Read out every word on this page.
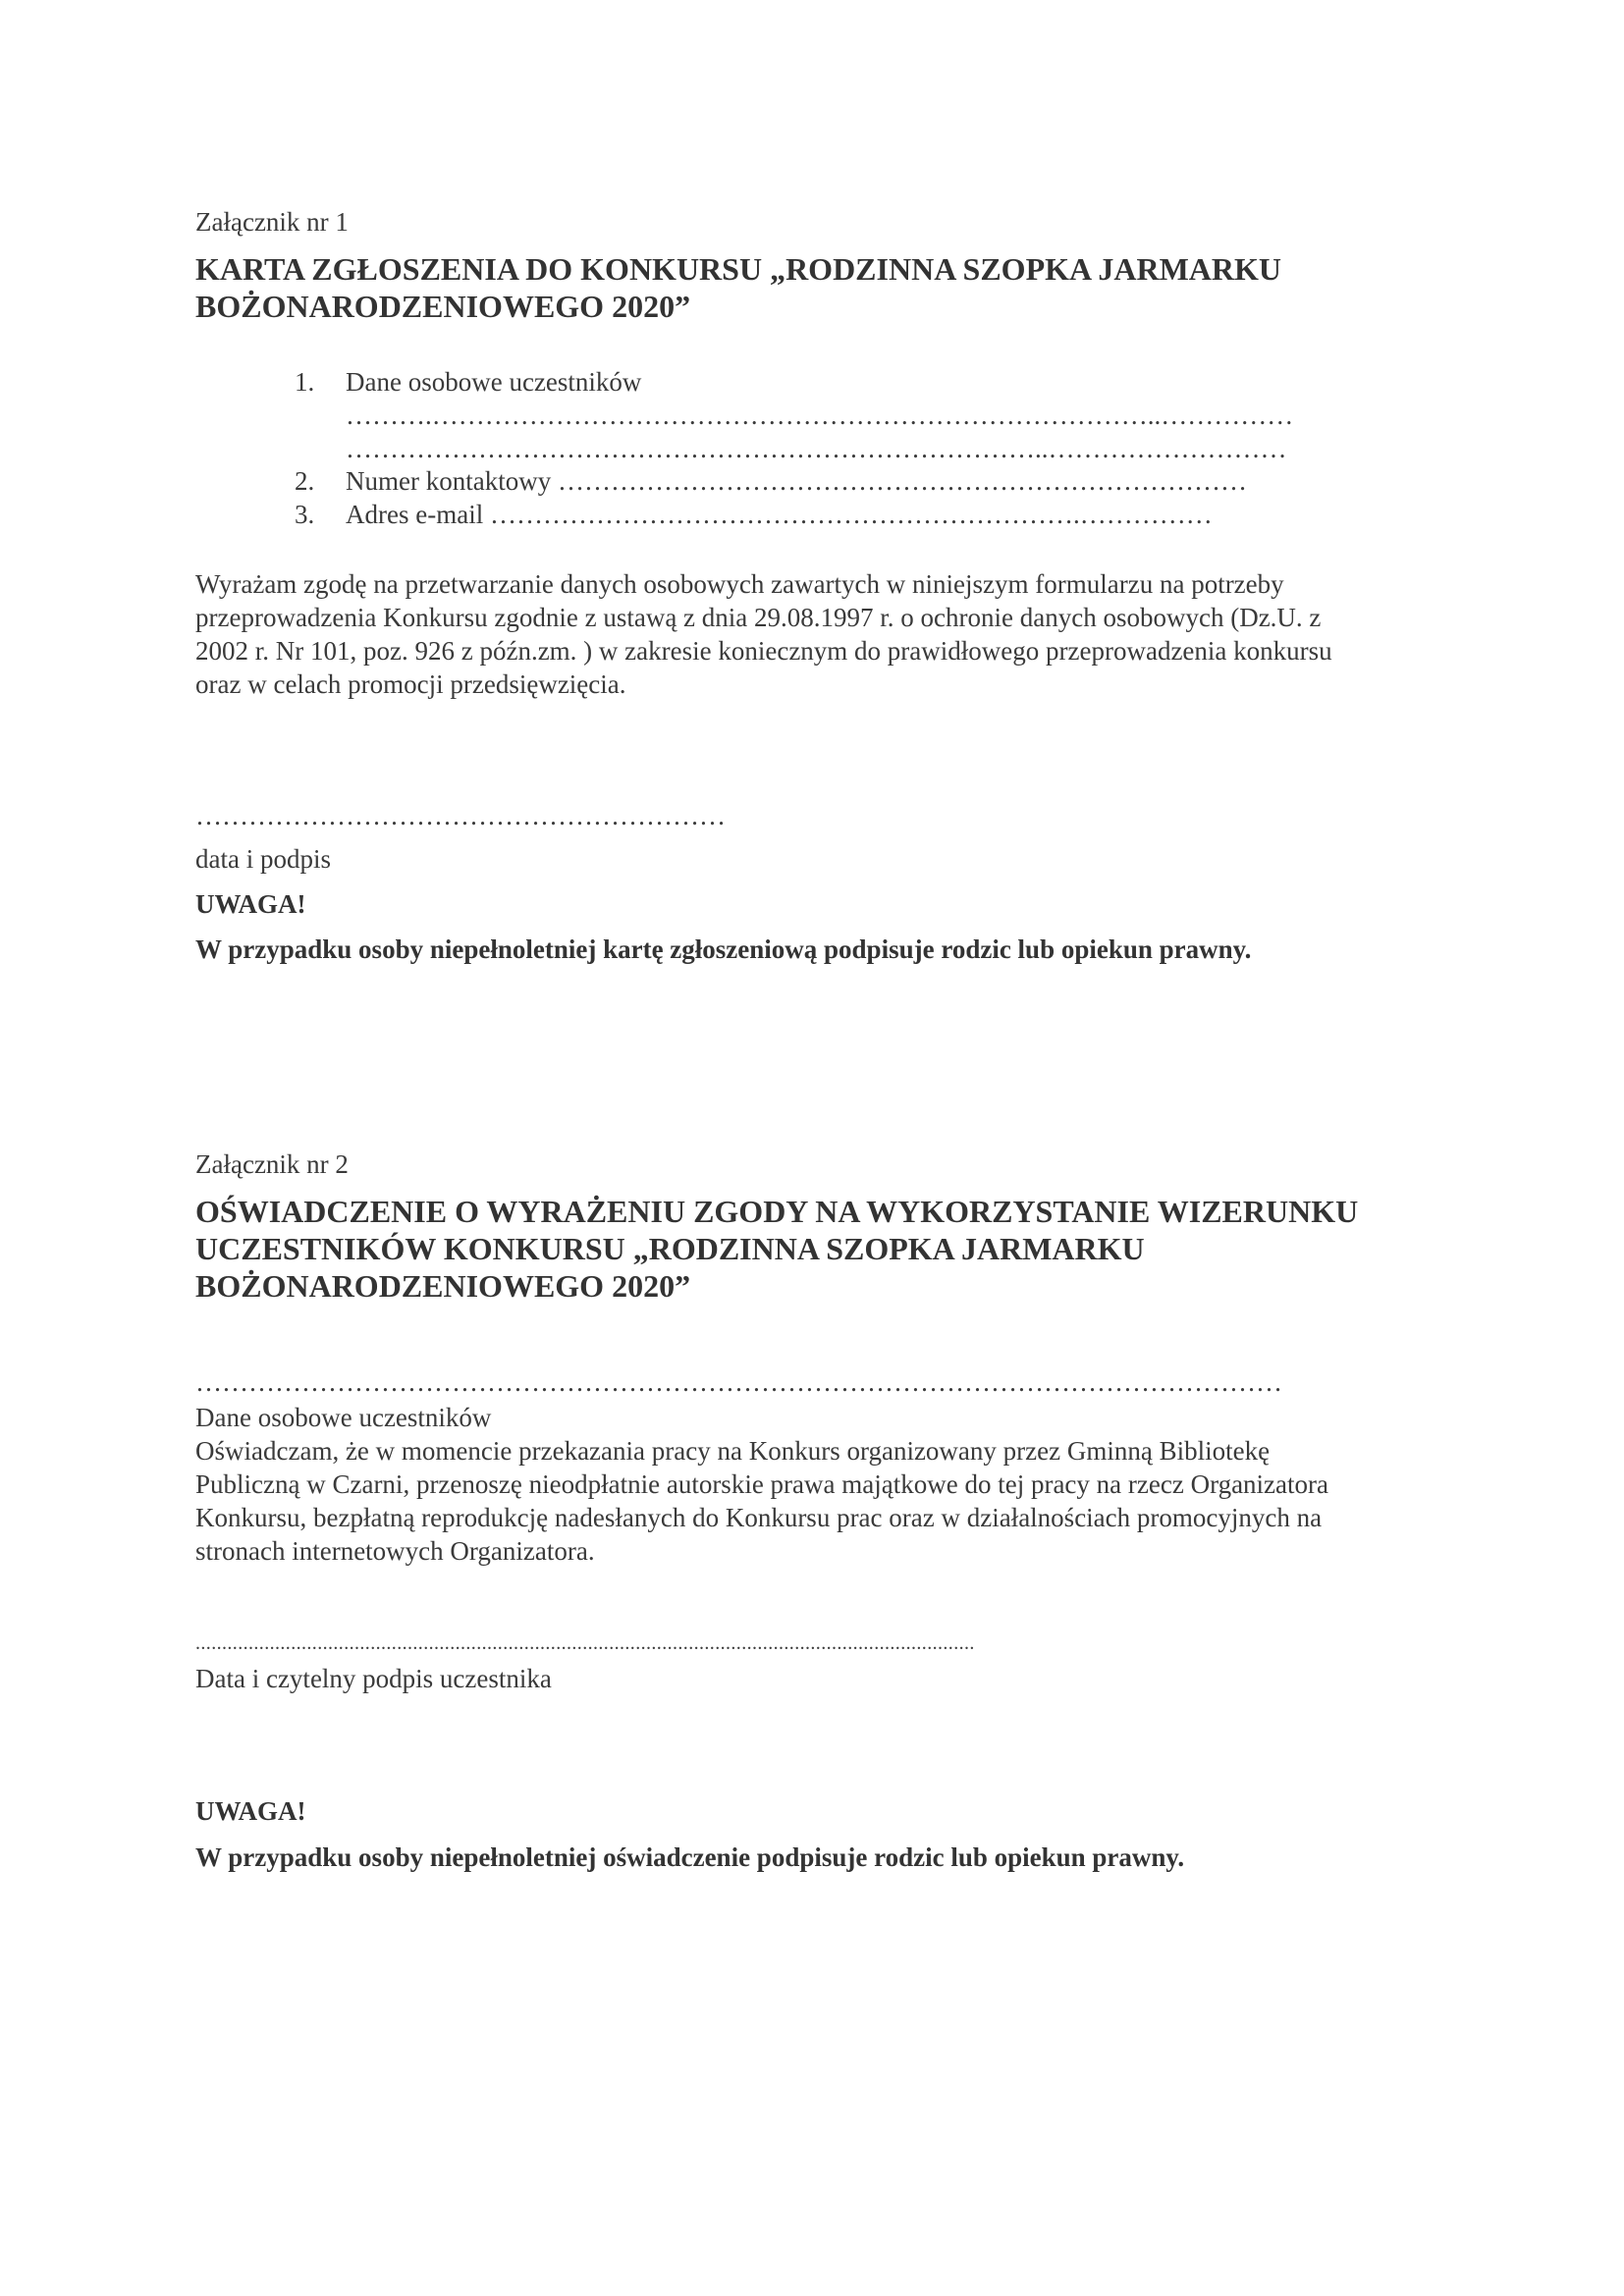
Załącznik nr 1
KARTA ZGŁOSZENIA DO KONKURSU „RODZINNA SZOPKA JARMARKU
BOŻONARODZENIOWEGO 2020”
1. Dane osobowe uczestników
……….………………………………………………………………………..……………
……………………………………………………………………..………………………
2. Numer kontaktowy ……………………………………………………………………
3. Adres e-mail ………………………………………………………….……………
Wyrażam zgodę na przetwarzanie danych osobowych zawartych w niniejszym formularzu na potrzeby
przeprowadzenia Konkursu zgodnie z ustawą z dnia 29.08.1997 r. o ochronie danych osobowych (Dz.U. z
2002 r. Nr 101, poz. 926 z późn.zm. ) w zakresie koniecznym do prawidłowego przeprowadzenia konkursu
oraz w celach promocji przedsięwzięcia.
……………………………………………………
data i podpis
UWAGA!
W przypadku osoby niepełnoletniej kartę zgłoszeniową podpisuje rodzic lub opiekun prawny.
Załącznik nr 2
OŚWIADCZENIE O WYRAŻENIU ZGODY NA WYKORZYSTANIE WIZERUNKU
UCZESTNIKÓW KONKURSU „RODZINNA SZOPKA JARMARKU
BOŻONARODZENIOWEGO 2020”
……………………………………………………………………………………………………………
Dane osobowe uczestników
Oświadczam, że w momencie przekazania pracy na Konkurs organizowany przez Gminną Bibliotekę
Publiczną w Czarni, przenoszę nieodpłatnie autorskie prawa majątkowe do tej pracy na rzecz Organizatora
Konkursu, bezpłatną reprodukcję nadesłanych do Konkursu prac oraz w działalnościach promocyjnych na
stronach internetowych Organizatora.
...................................................................................................................................................
Data i czytelny podpis uczestnika
UWAGA!
W przypadku osoby niepełnoletniej oświadczenie podpisuje rodzic lub opiekun prawny.
